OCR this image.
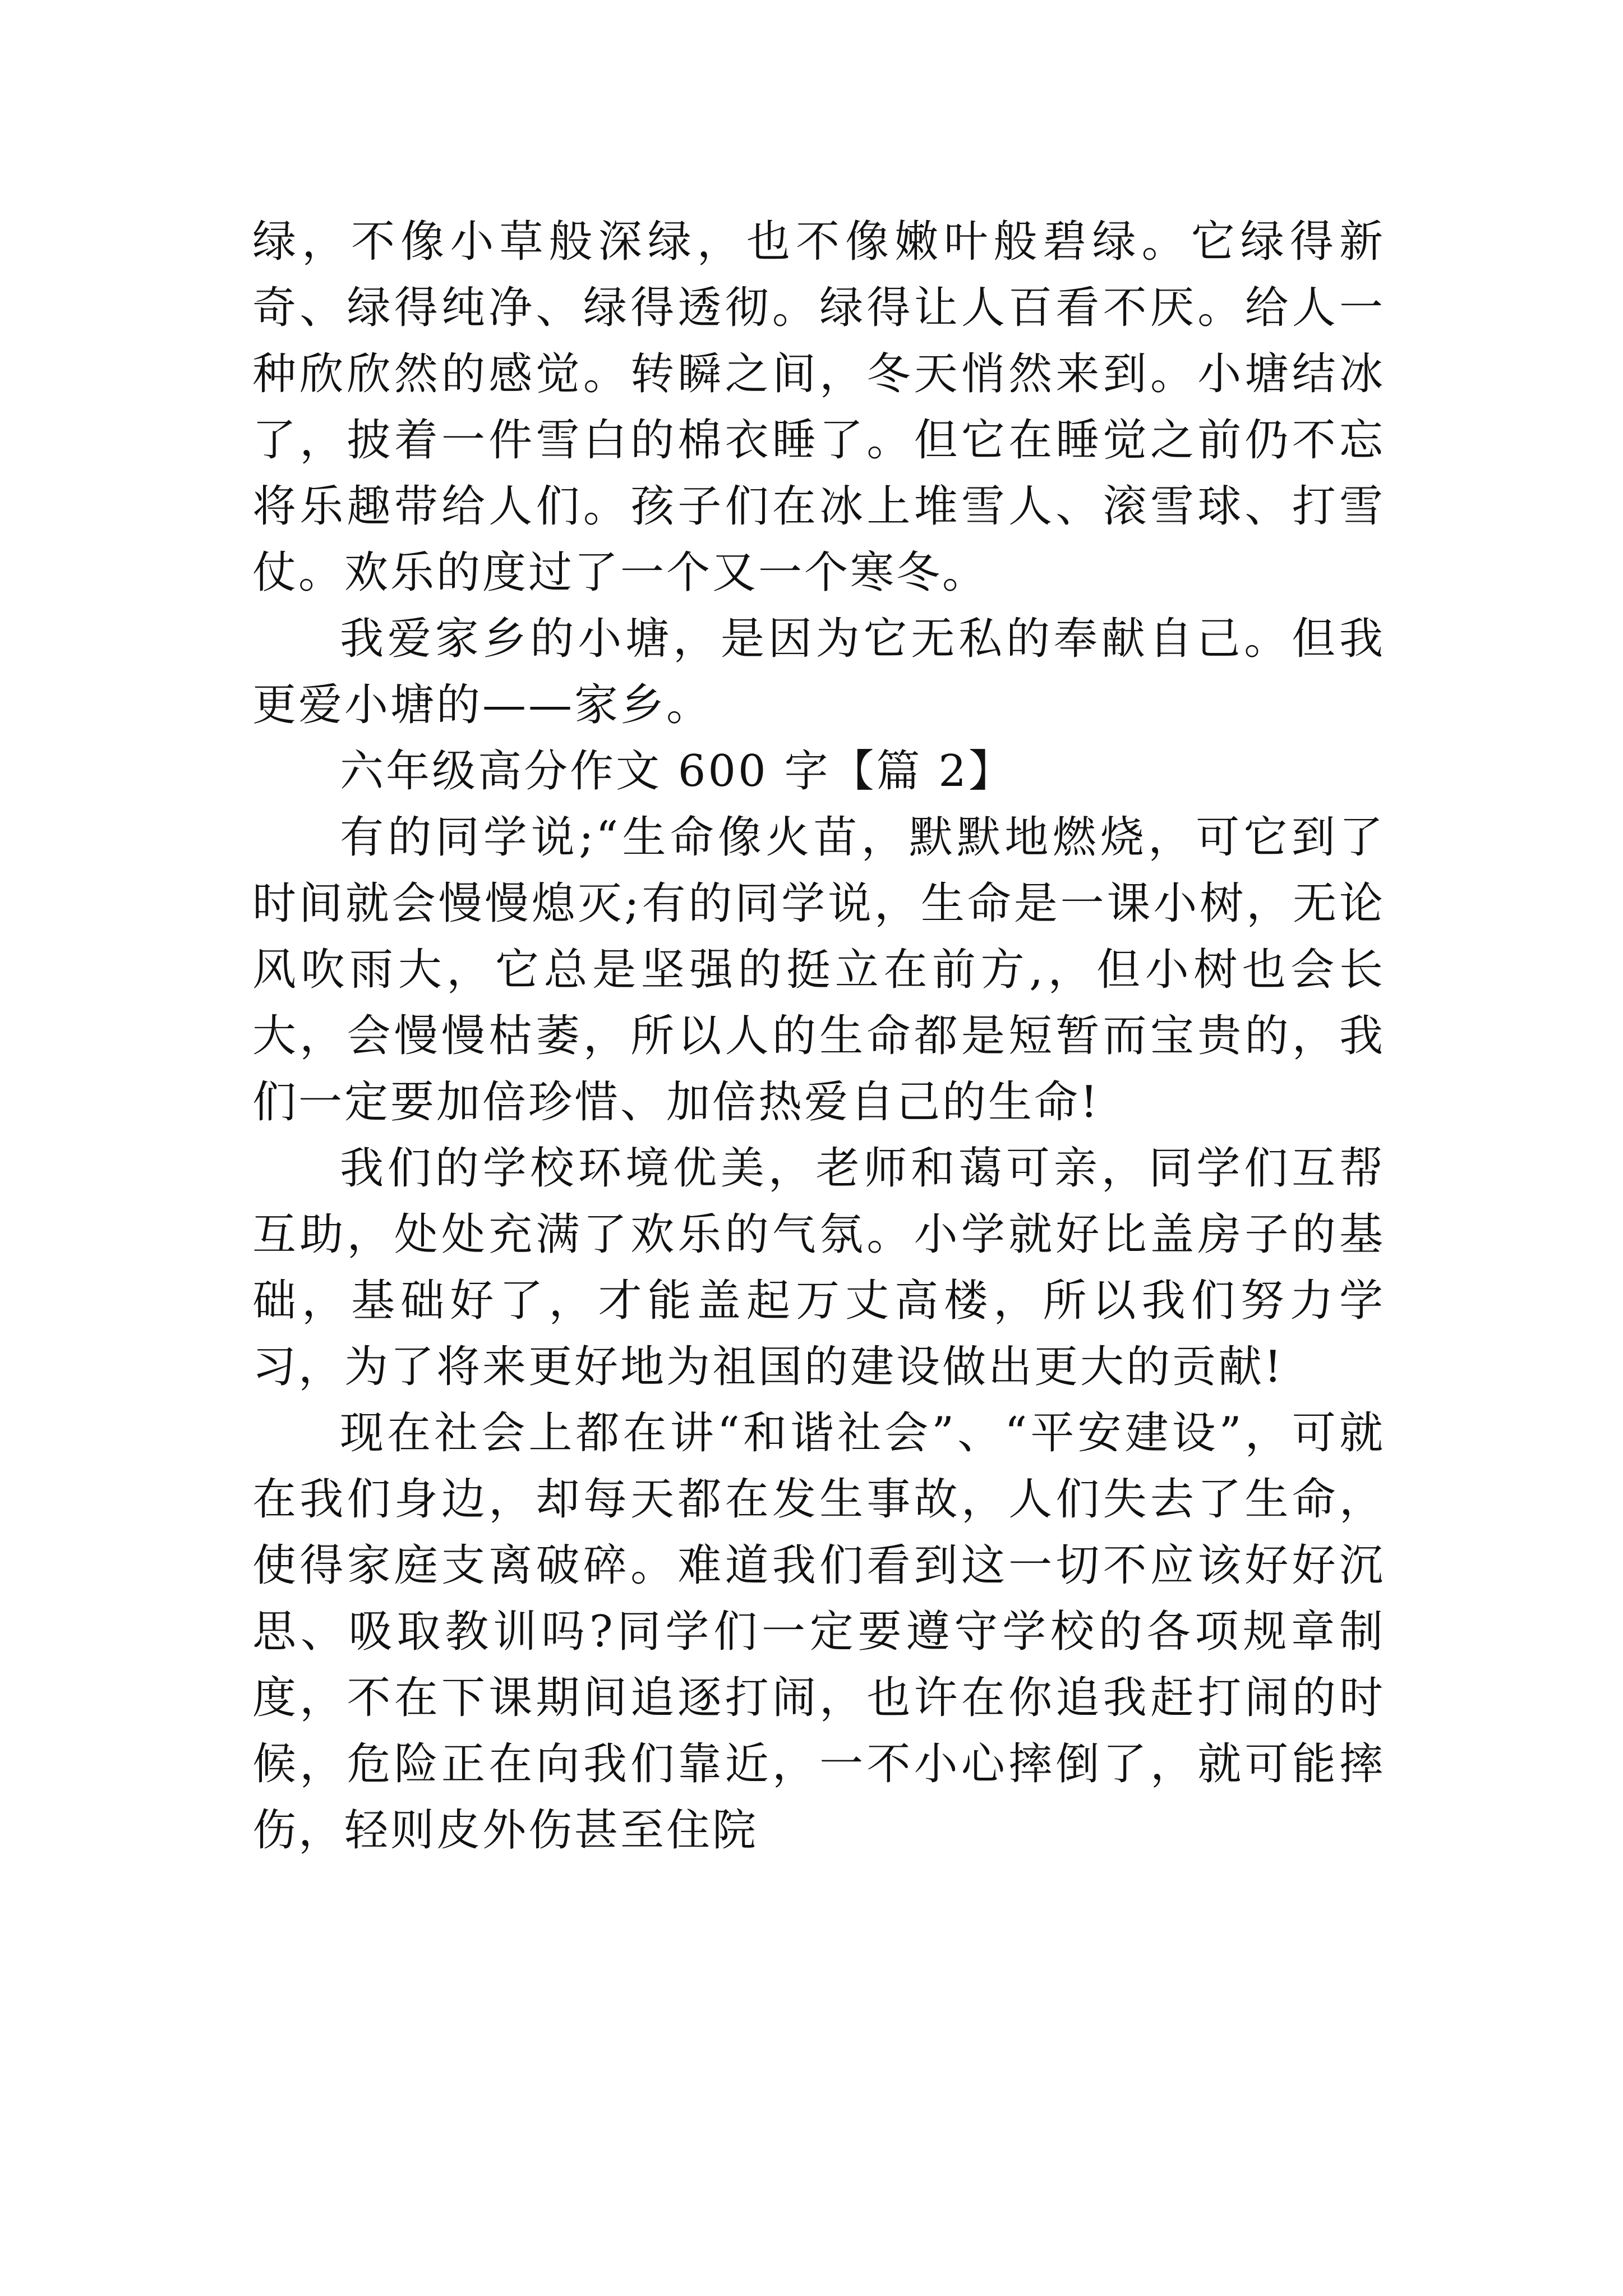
绿，不像小草般深绿，也不像嫩叶般碧绿。它绿得新奇、绿得纯净、绿得透彻。绿得让人百看不厌。给人一种欣欣然的感觉。转瞬之间，冬天悄然来到。小塘结冰了，披着一件雪白的棉衣睡了。但它在睡觉之前仍不忘将乐趣带给人们。孩子们在冰上堆雪人、滚雪球、打雪仗。欢乐的度过了一个又一个寒冬。

我爱家乡的小塘，是因为它无私的奉献自己。但我更爱小塘的——家乡。

六年级高分作文 600 字【篇 2】

有的同学说;“生命像火苗，默默地燃烧，可它到了时间就会慢慢熄灭;有的同学说，生命是一课小树，无论风吹雨大，它总是坚强的挺立在前方,，但小树也会长大，会慢慢枯萎，所以人的生命都是短暂而宝贵的，我们一定要加倍珍惜、加倍热爱自己的生命!

我们的学校环境优美，老师和蔼可亲，同学们互帮互助，处处充满了欢乐的气氛。小学就好比盖房子的基础，基础好了，才能盖起万丈高楼，所以我们努力学习，为了将来更好地为祖国的建设做出更大的贡献!

现在社会上都在讲“和谐社会”、“平安建设”，可就在我们身边，却每天都在发生事故，人们失去了生命，使得家庭支离破碎。难道我们看到这一切不应该好好沉思、吸取教训吗?同学们一定要遵守学校的各项规章制度，不在下课期间追逐打闹，也许在你追我赶打闹的时候，危险正在向我们靠近，一不小心摔倒了，就可能摔伤，轻则皮外伤甚至住院
